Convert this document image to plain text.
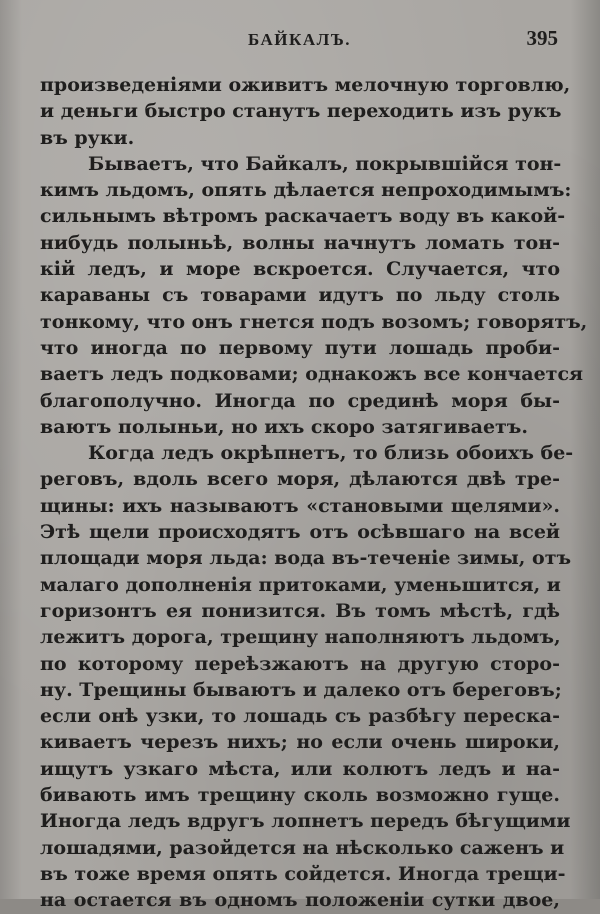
БАЙКАЛЪ.	395
произведеніями оживитъ мелочную торговлю,
и деньги быстро станутъ переходить изъ рукъ
въ руки.
Бываетъ, что Байкалъ, покрывшійся тон-
кимъ льдомъ, опять дѣлается непроходимымъ:
сильнымъ вѣтромъ раскачаетъ воду въ какой-
нибудь полыньѣ, волны начнутъ ломать тон-
кій ледъ, и море вскроется. Случается, что
караваны съ товарами идутъ по льду столь
тонкому, что онъ гнется подъ возомъ; говорятъ,
что иногда по первому пути лошадь проби-
ваетъ ледъ подковами; однакожъ все кончается
благополучно. Иногда по срединѣ моря бы-
ваютъ полыньи, но ихъ скоро затягиваетъ.
Когда ледъ окрѣпнетъ, то близь обоихъ бе-
реговъ, вдоль всего моря, дѣлаются двѣ тре-
щины: ихъ называютъ «становыми щелями».
Этѣ щели происходятъ отъ осѣвшаго на всей
площади моря льда: вода въ-теченіе зимы, отъ
малаго дополненія притоками, уменьшится, и
горизонтъ ея понизится. Въ томъ мѣстѣ, гдѣ
лежитъ дорога, трещину наполняютъ льдомъ,
по которому переѣзжаютъ на другую сторо-
ну. Трещины бываютъ и далеко отъ береговъ;
если онѣ узки, то лошадь съ разбѣгу переска-
киваетъ черезъ нихъ; но если очень широки,
ищутъ узкаго мѣста, или колютъ ледъ и на-
бивають имъ трещину сколь возможно гуще.
Иногда ледъ вдругъ лопнетъ передъ бѣгущими
лошадями, разойдется на нѣсколько саженъ и
въ тоже время опять сойдется. Иногда трещи-
на остается въ одномъ положеніи сутки двое,
